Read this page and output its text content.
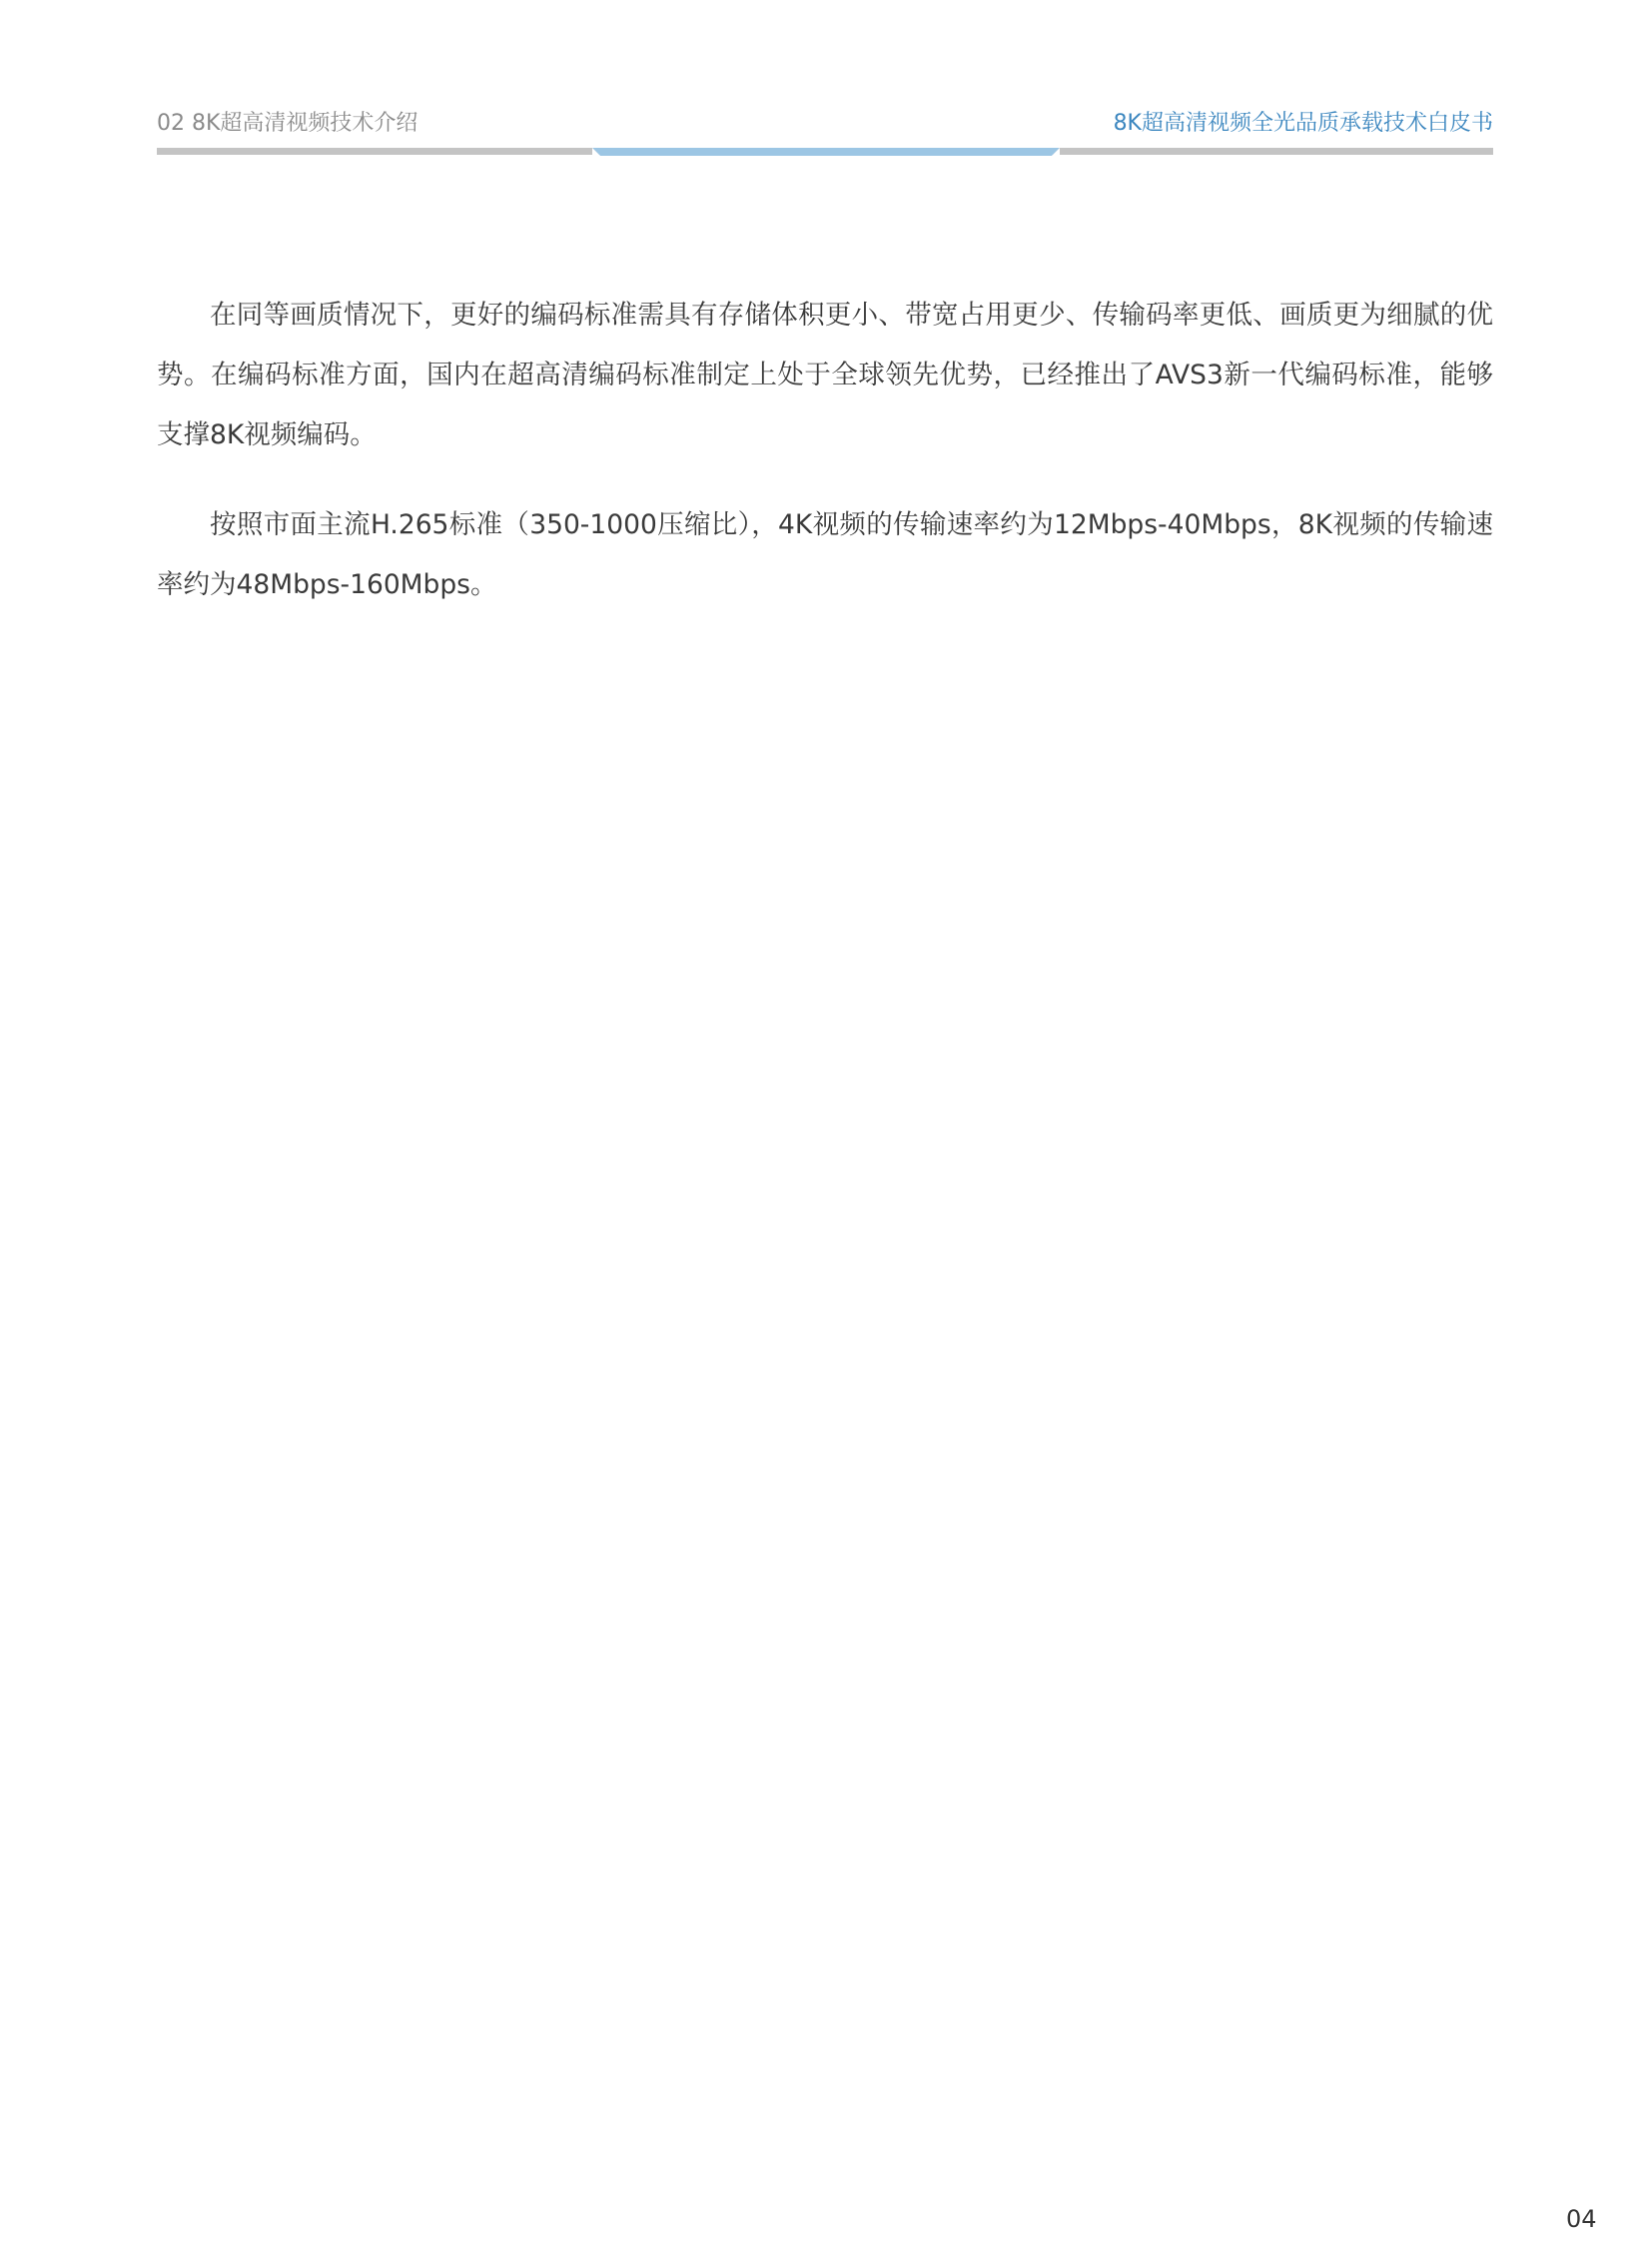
02 8K超高清视频技术介绍	8K超高清视频全光品质承载技术白皮书

在同等画质情况下，更好的编码标准需具有存储体积更小、带宽占用更少、传输码率更低、画质更为细腻的优势。在编码标准方面，国内在超高清编码标准制定上处于全球领先优势，已经推出了AVS3新一代编码标准，能够支撑8K视频编码。

按照市面主流H.265标准（350-1000压缩比），4K视频的传输速率约为12Mbps-40Mbps，8K视频的传输速率约为48Mbps-160Mbps。

04
